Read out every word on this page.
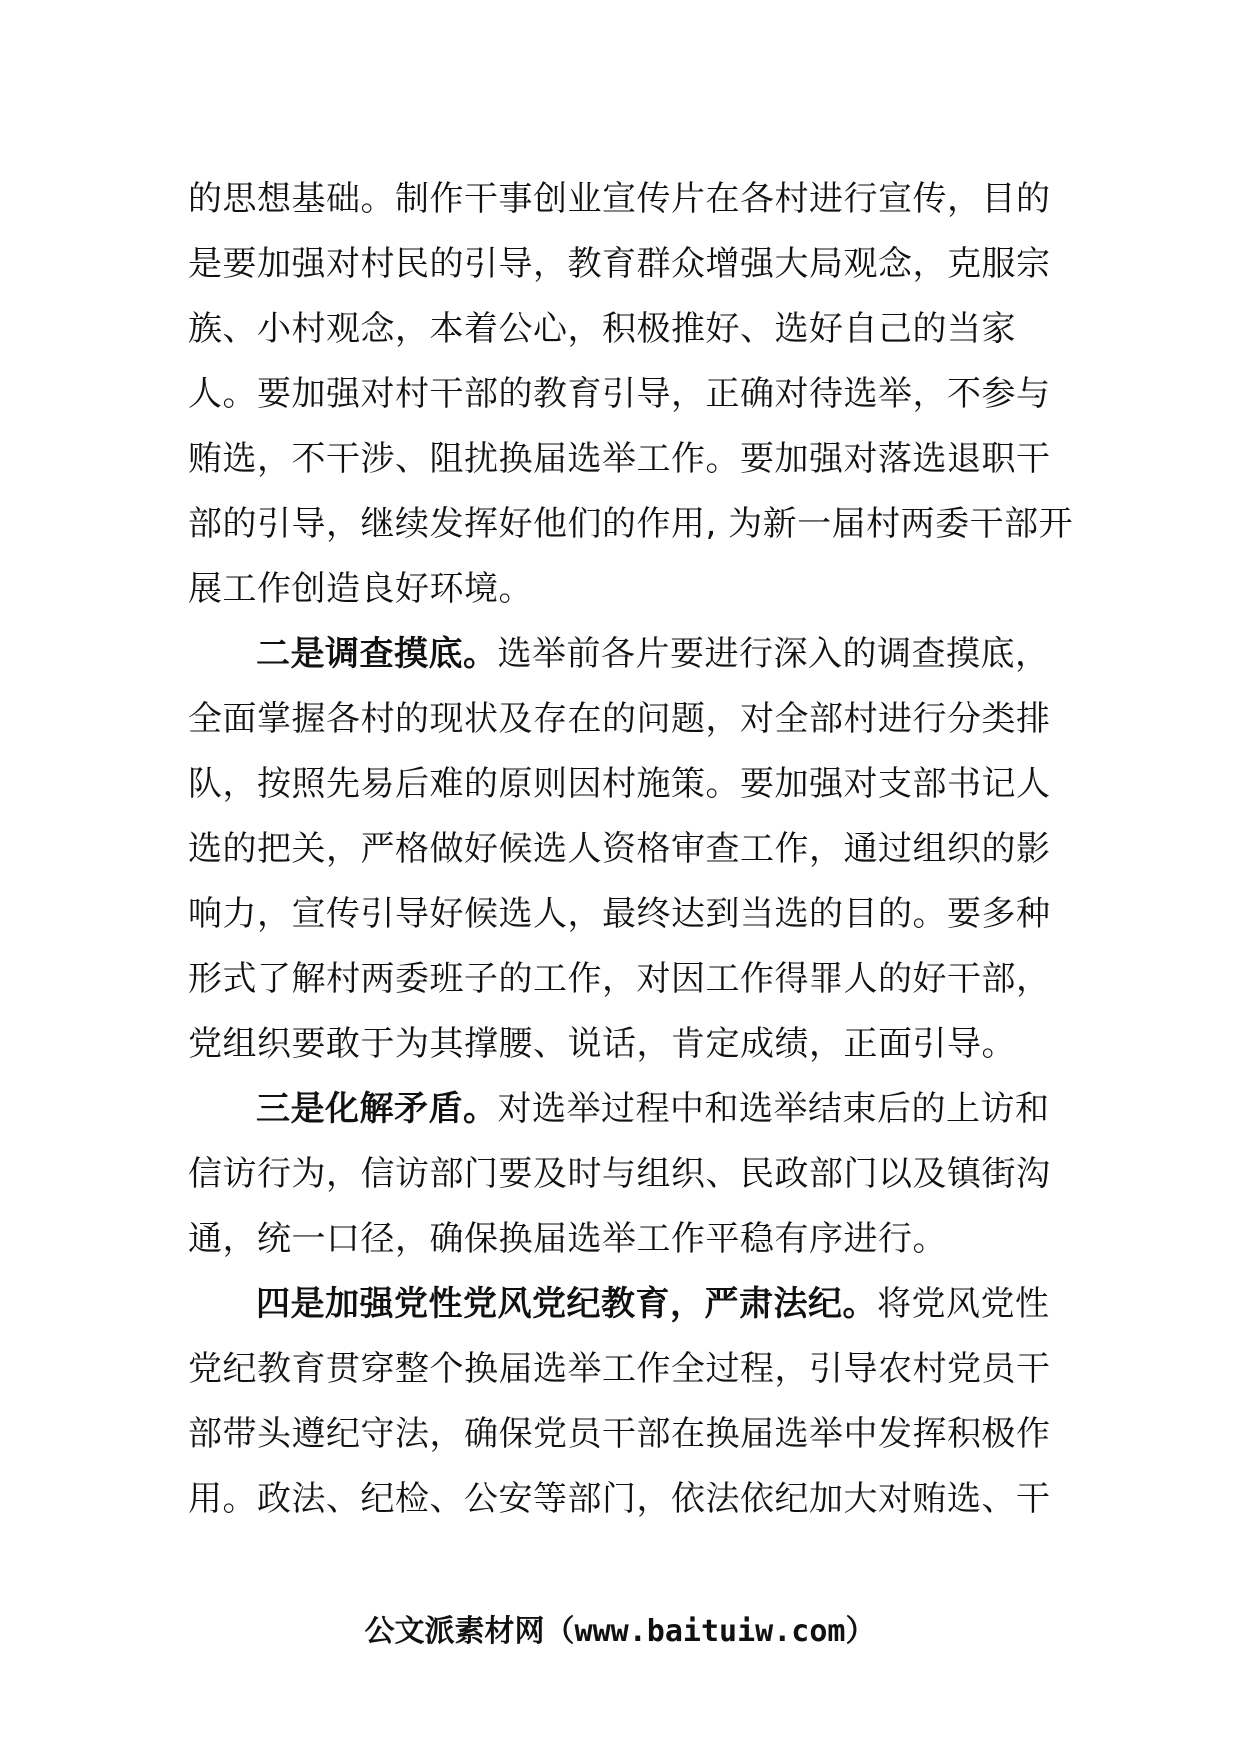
的思想基础。制作干事创业宣传片在各村进行宣传，目的
是要加强对村民的引导，教育群众增强大局观念，克服宗
族、小村观念，本着公心，积极推好、选好自己的当家
人。要加强对村干部的教育引导，正确对待选举，不参与
贿选，不干涉、阻扰换届选举工作。要加强对落选退职干
部的引导，继续发挥好他们的作用, 为新一届村两委干部开
展工作创造良好环境。
二是调查摸底。选举前各片要进行深入的调查摸底，
全面掌握各村的现状及存在的问题，对全部村进行分类排
队，按照先易后难的原则因村施策。要加强对支部书记人
选的把关，严格做好候选人资格审查工作，通过组织的影
响力，宣传引导好候选人，最终达到当选的目的。要多种
形式了解村两委班子的工作，对因工作得罪人的好干部，
党组织要敢于为其撑腰、说话，肯定成绩，正面引导。
三是化解矛盾。对选举过程中和选举结束后的上访和
信访行为，信访部门要及时与组织、民政部门以及镇街沟
通，统一口径，确保换届选举工作平稳有序进行。
四是加强党性党风党纪教育，严肃法纪。将党风党性
党纪教育贯穿整个换届选举工作全过程，引导农村党员干
部带头遵纪守法，确保党员干部在换届选举中发挥积极作
用。政法、纪检、公安等部门，依法依纪加大对贿选、干
公文派素材网（www.baituiw.com）
